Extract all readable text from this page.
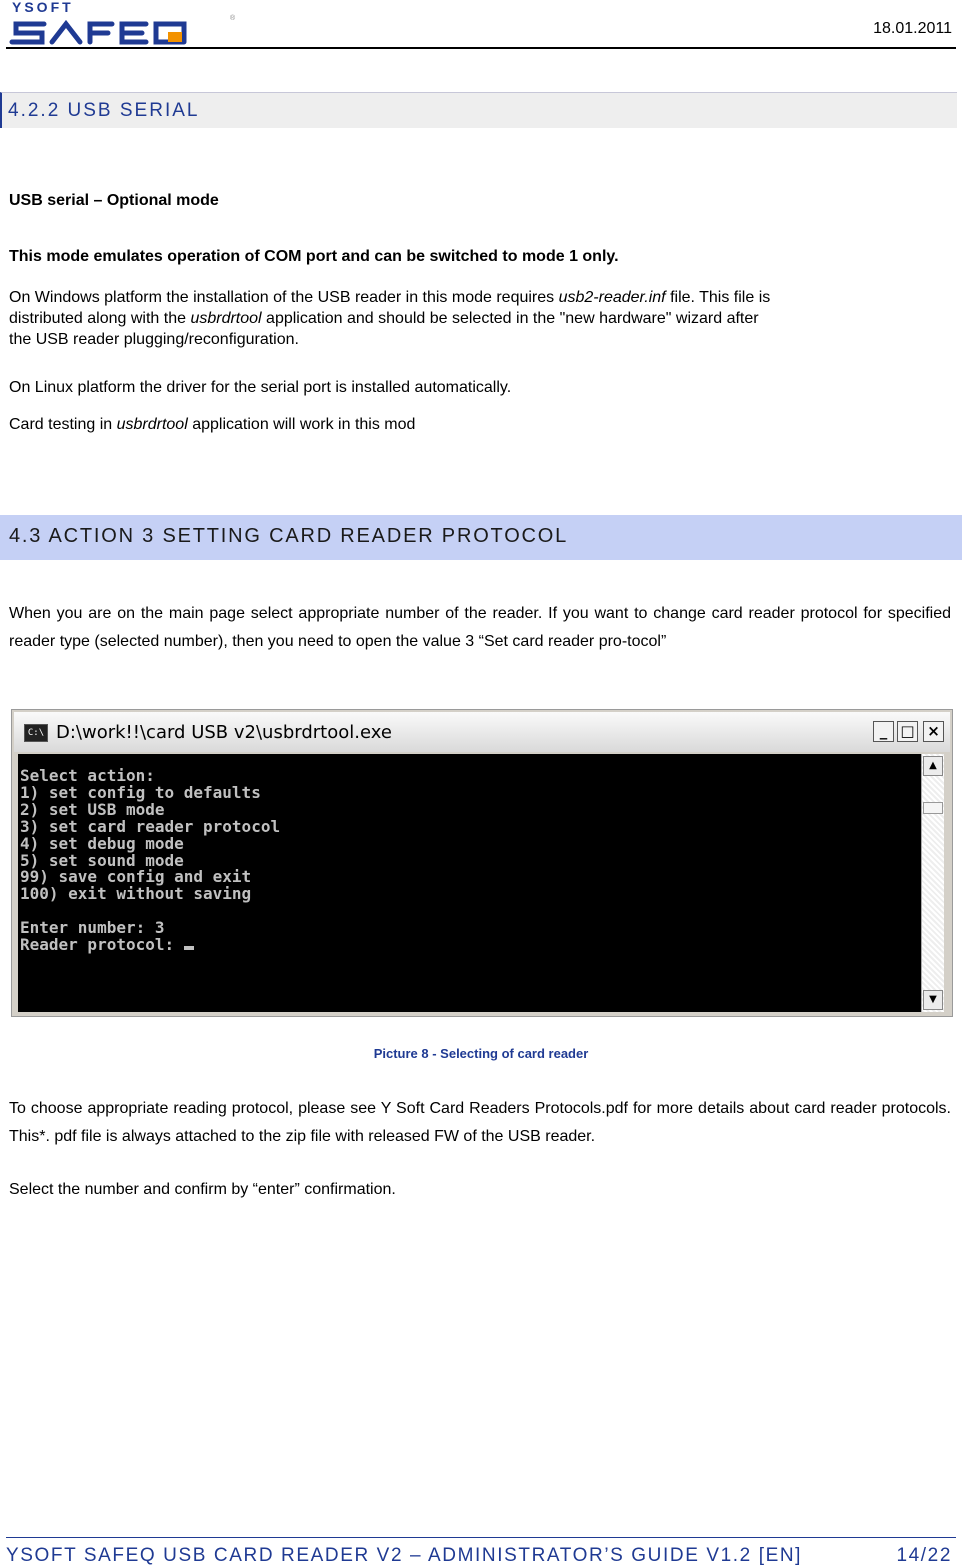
YSOFT
®
18.01.2011
4.2.2 USB SERIAL
USB serial – Optional mode
This mode emulates operation of COM port and can be switched to mode 1 only.
On Windows platform the installation of the USB reader in this mode requires usb2-reader.inf file. This file is
distributed along with the usbrdrtool application and should be selected in the "new hardware" wizard after
the USB reader plugging/reconfiguration.
On Linux platform the driver for the serial port is installed automatically.
Card testing in usbrdrtool application will work in this mod
4.3 ACTION 3 SETTING CARD READER PROTOCOL
When you are on the main page select appropriate number of the reader. If you want to change card reader protocol for specified reader type (selected number), then you need to open the value 3 “Set card reader pro-tocol”
C:\ D:\work!!\card USB v2\usbrdrtool.exe	_ □ ×
Select action:
1) set config to defaults
2) set USB mode
3) set card reader protocol
4) set debug mode
5) set sound mode
99) save config and exit
100) exit without saving

Enter number: 3
Reader protocol:
▲
▼
Picture 8 - Selecting of card reader
To choose appropriate reading protocol, please see Y Soft Card Readers Protocols.pdf for more details about card reader protocols. This*. pdf file is always attached to the zip file with released FW of the USB reader.
Select the number and confirm by “enter” confirmation.
YSOFT SAFEQ USB CARD READER V2 – ADMINISTRATOR’S GUIDE V1.2 [EN]	14/22
